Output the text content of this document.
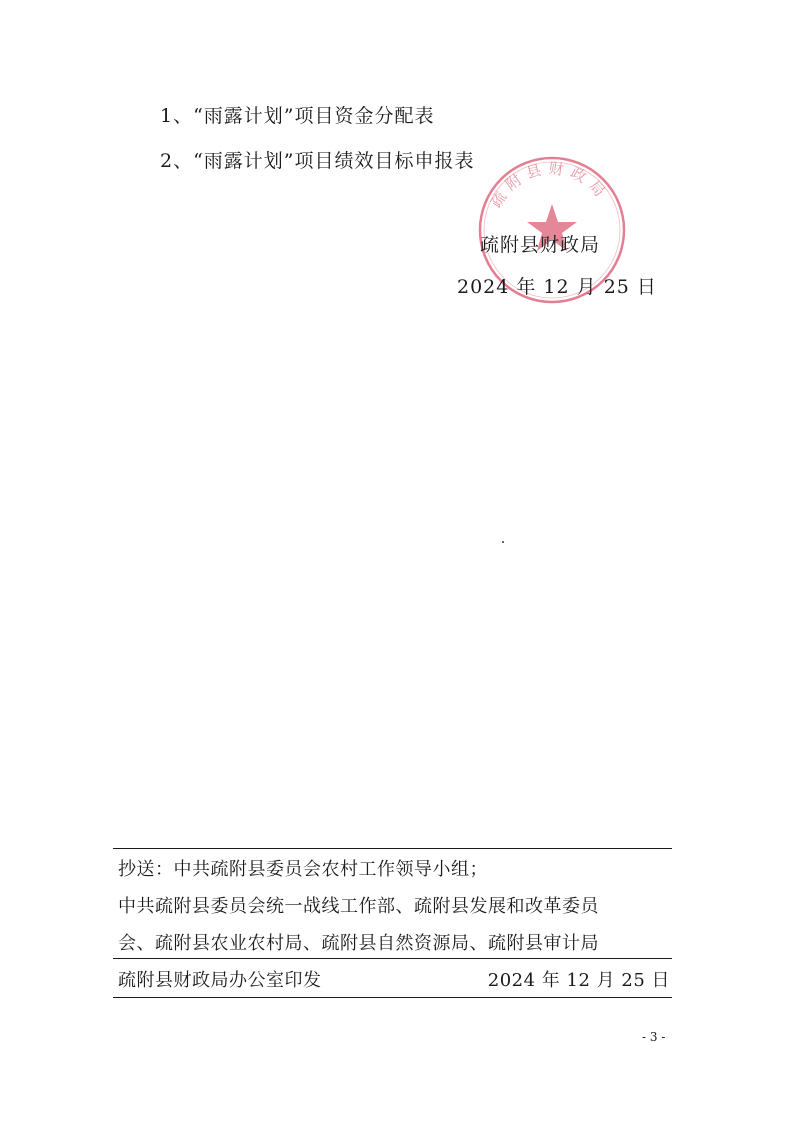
1、“雨露计划”项目资金分配表
2、“雨露计划”项目绩效目标申报表
疏附县财政局
疏附县财政局
2024 年 12 月 25 日
抄送：中共疏附县委员会农村工作领导小组；
中共疏附县委员会统一战线工作部、疏附县发展和改革委员
会、疏附县农业农村局、疏附县自然资源局、疏附县审计局
疏附县财政局办公室印发	2024 年 12 月 25 日
- 3 -
